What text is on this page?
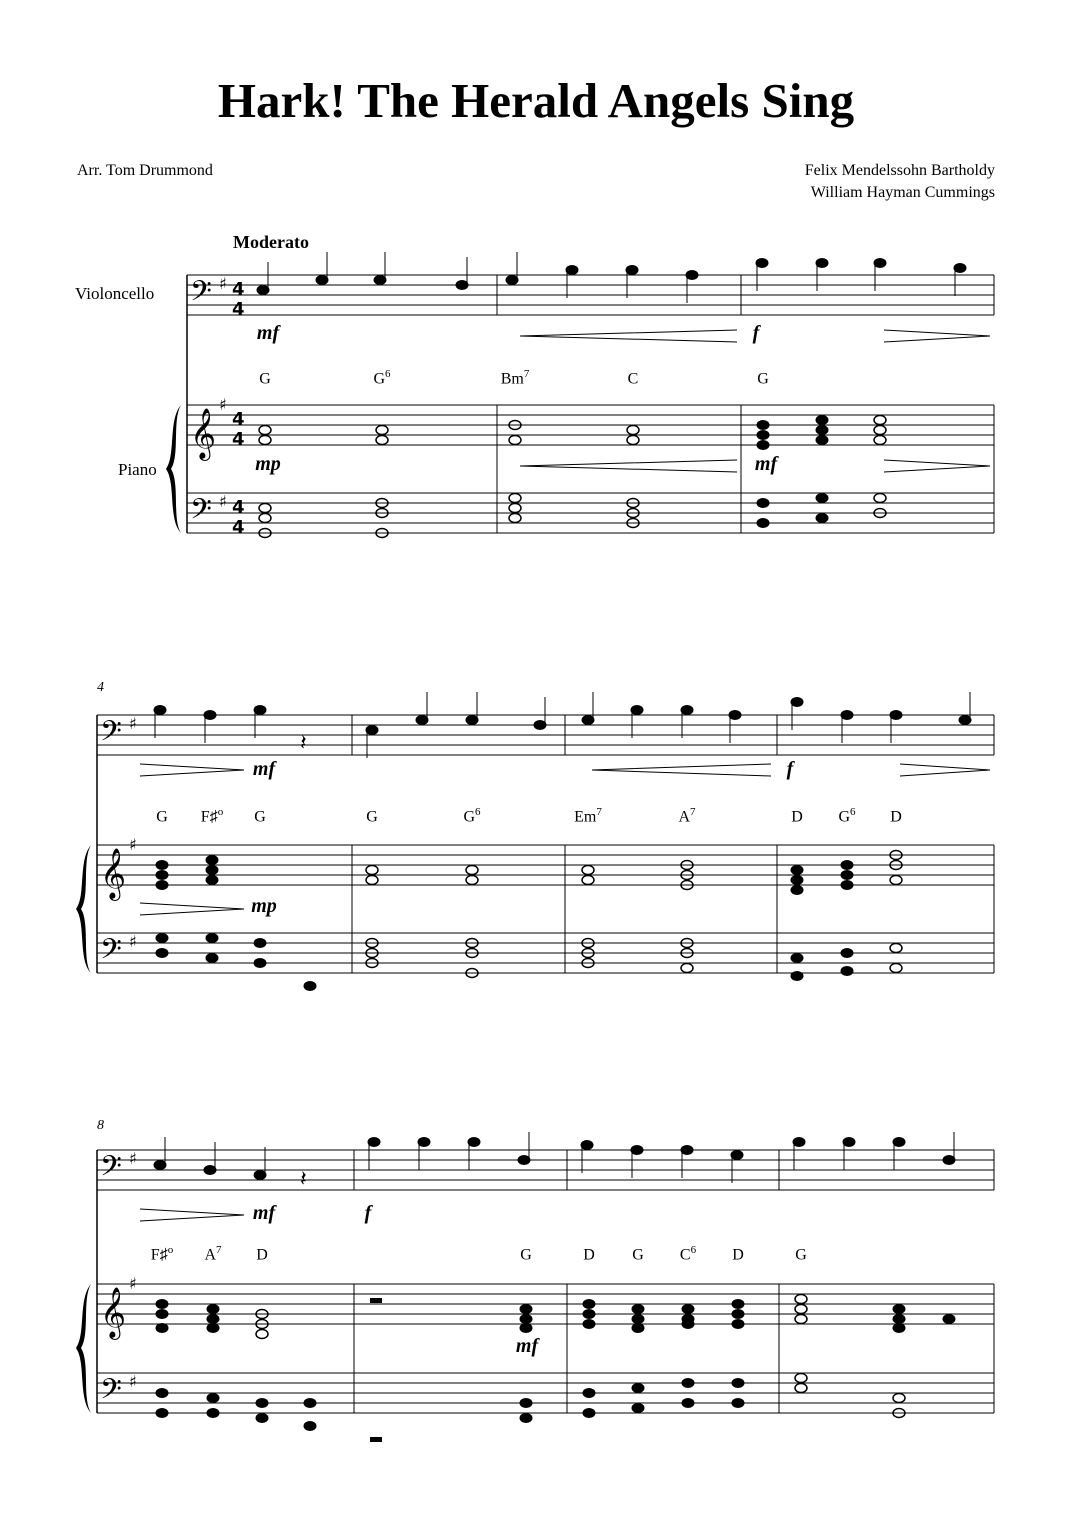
Hark! The Herald Angels Sing
Arr. Tom Drummond	Felix Mendelssohn Bartholdy
William Hayman Cummings
Moderato
Violoncello
Piano
4
8
G	$G^6$	Bm$^7$	C	G
G F♯$^o$ G	G	$G^6$	Em$^7$	$A^7$	D $G^6$ D
F♯$^o$ $A^7$ D	G	D G $C^6$ D	G
mf	f
mp	mf
mf	f
mp
mf	f
mf
𝄢
𝄞
𝄢
♯
♯
♯
4
4
4
4
4
4
𝄢
𝄞
𝄢
♯
♯
♯
𝄢
𝄞
𝄢
♯
♯
♯
𝄽
𝄽
